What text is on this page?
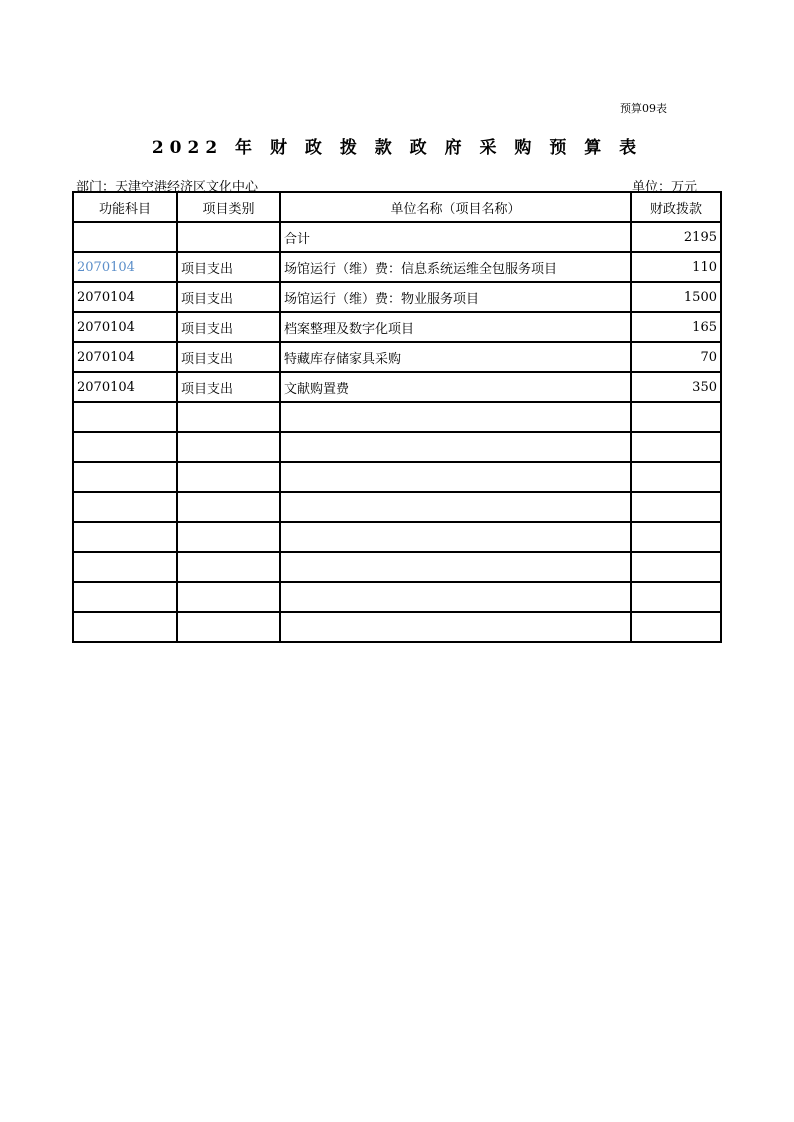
预算09表
2022 年 财 政 拨 款 政 府 采 购 预 算 表
部门：天津空港经济区文化中心	单位：万元
功能科目	项目类别	单位名称（项目名称）	财政拨款
		合计	2195
2070104	项目支出	场馆运行（维）费：信息系统运维全包服务项目	110
2070104	项目支出	场馆运行（维）费：物业服务项目	1500
2070104	项目支出	档案整理及数字化项目	165
2070104	项目支出	特藏库存储家具采购	70
2070104	项目支出	文献购置费	350
